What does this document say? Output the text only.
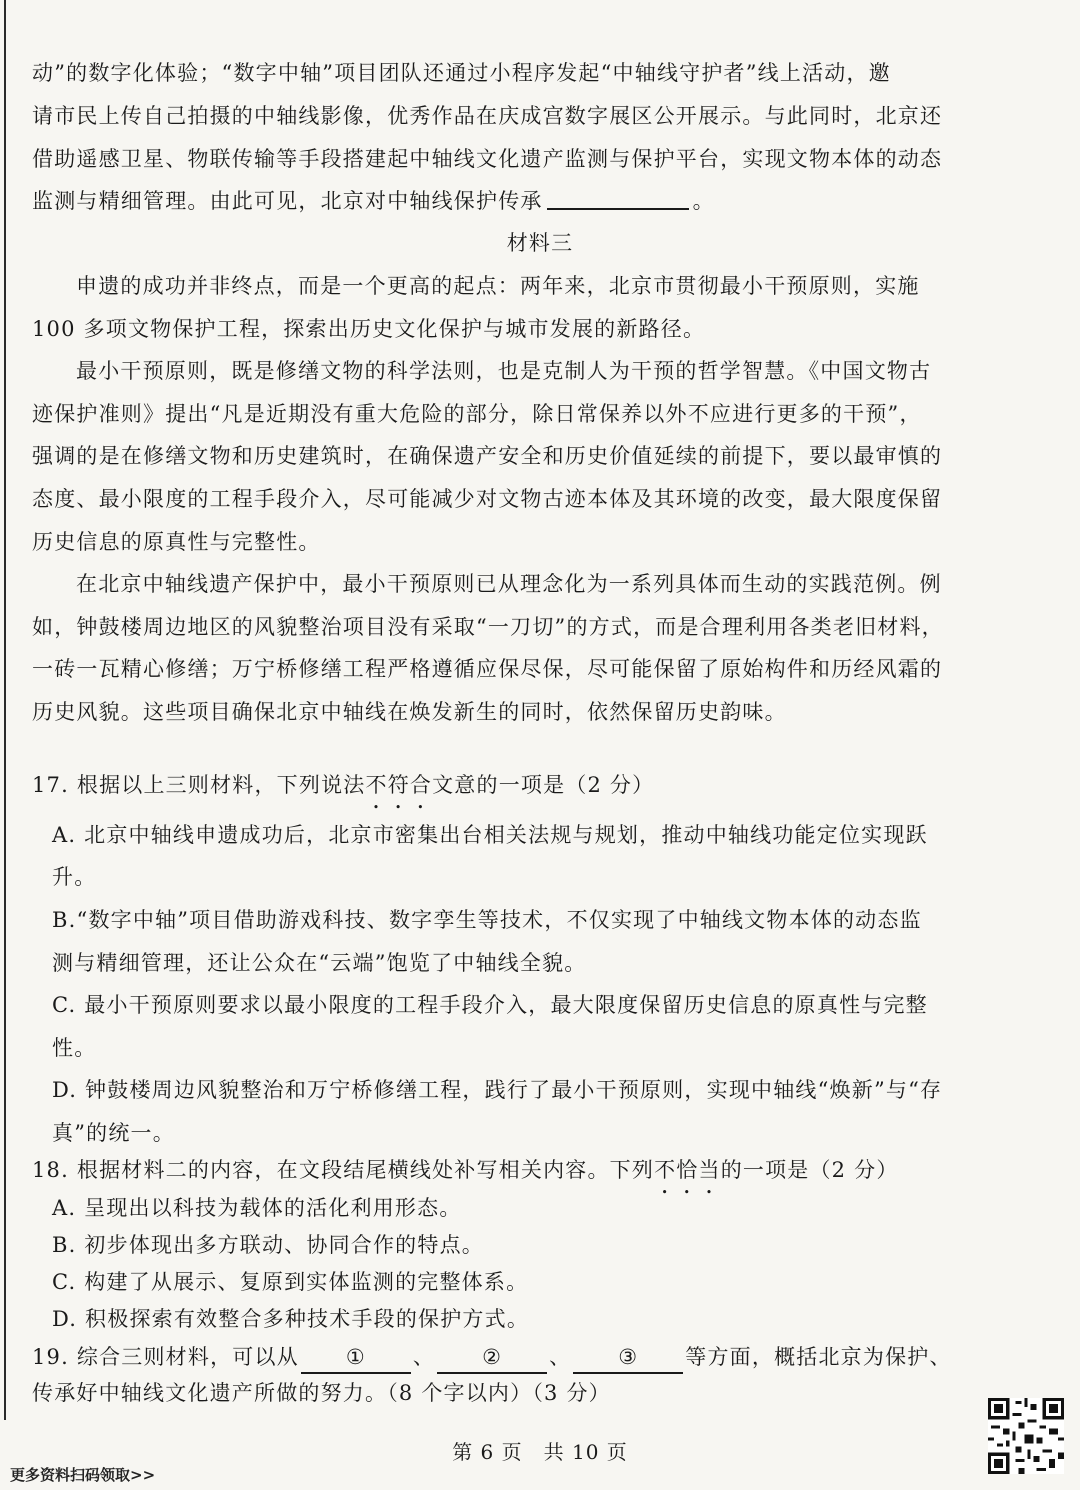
动”的数字化体验；“数字中轴”项目团队还通过小程序发起“中轴线守护者”线上活动，邀
请市民上传自己拍摄的中轴线影像，优秀作品在庆成宫数字展区公开展示。与此同时，北京还
借助遥感卫星、物联传输等手段搭建起中轴线文化遗产监测与保护平台，实现文物本体的动态
监测与精细管理。由此可见，北京对中轴线保护传承	。
材料三
申遗的成功并非终点，而是一个更高的起点：两年来，北京市贯彻最小干预原则，实施
100 多项文物保护工程，探索出历史文化保护与城市发展的新路径。
最小干预原则，既是修缮文物的科学法则，也是克制人为干预的哲学智慧。《中国文物古
迹保护准则》提出“凡是近期没有重大危险的部分，除日常保养以外不应进行更多的干预”，
强调的是在修缮文物和历史建筑时，在确保遗产安全和历史价值延续的前提下，要以最审慎的
态度、最小限度的工程手段介入，尽可能减少对文物古迹本体及其环境的改变，最大限度保留
历史信息的原真性与完整性。
在北京中轴线遗产保护中，最小干预原则已从理念化为一系列具体而生动的实践范例。例
如，钟鼓楼周边地区的风貌整治项目没有采取“一刀切”的方式，而是合理利用各类老旧材料，
一砖一瓦精心修缮；万宁桥修缮工程严格遵循应保尽保，尽可能保留了原始构件和历经风霜的
历史风貌。这些项目确保北京中轴线在焕发新生的同时，依然保留历史韵味。
17. 根据以上三则材料，下列说法不符合文意的一项是（2 分）
A. 北京中轴线申遗成功后，北京市密集出台相关法规与规划，推动中轴线功能定位实现跃
升。
B.“数字中轴”项目借助游戏科技、数字孪生等技术，不仅实现了中轴线文物本体的动态监
测与精细管理，还让公众在“云端”饱览了中轴线全貌。
C. 最小干预原则要求以最小限度的工程手段介入，最大限度保留历史信息的原真性与完整
性。
D. 钟鼓楼周边风貌整治和万宁桥修缮工程，践行了最小干预原则，实现中轴线“焕新”与“存
真”的统一。
18. 根据材料二的内容，在文段结尾横线处补写相关内容。下列不恰当的一项是（2 分）
A. 呈现出以科技为载体的活化利用形态。
B. 初步体现出多方联动、协同合作的特点。
C. 构建了从展示、复原到实体监测的完整体系。
D. 积极探索有效整合多种技术手段的保护方式。
19. 综合三则材料，可以从 ① 、 ② 、 ③ 等方面，概括北京为保护、
传承好中轴线文化遗产所做的努力。（8 个字以内）（3 分）
第 6 页　共 10 页
更多资料扫码领取>>
